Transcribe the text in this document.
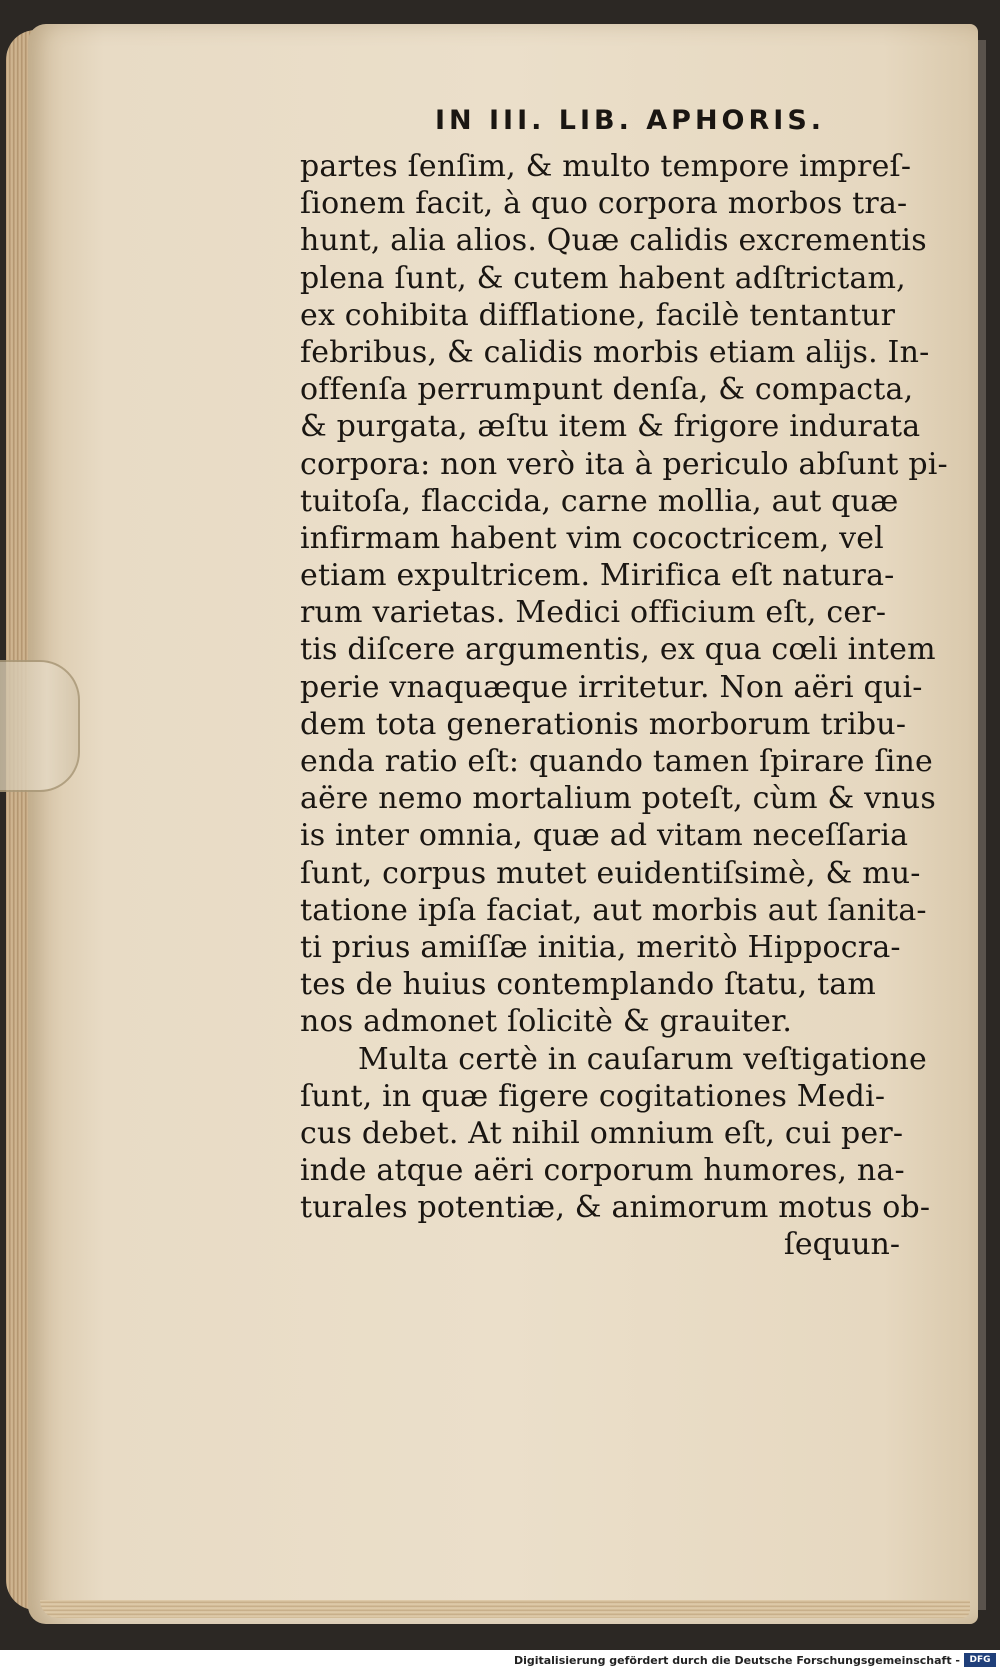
IN III. LIB. APHORIS.
partes ſenſim, & multo tempore impreſ-
ſionem facit, à quo corpora morbos tra-
hunt, alia alios. Quæ calidis excrementis
plena ſunt, & cutem habent adſtrictam,
ex cohibita difflatione, facilè tentantur
febribus, & calidis morbis etiam alijs. In-
offenſa perrumpunt denſa, & compacta,
& purgata, æſtu item & frigore indurata
corpora: non verò ita à periculo abſunt pi-
tuitoſa, flaccida, carne mollia, aut quæ
infirmam habent vim cococtricem, vel
etiam expultricem. Mirifica eſt natura-
rum varietas. Medici officium eſt, cer-
tis diſcere argumentis, ex qua cœli intem
perie vnaquæque irritetur. Non aëri qui-
dem tota generationis morborum tribu-
enda ratio eſt: quando tamen ſpirare ſine
aëre nemo mortalium poteſt, cùm & vnus
is inter omnia, quæ ad vitam neceſſaria
ſunt, corpus mutet euidentiſsimè, & mu-
tatione ipſa faciat, aut morbis aut ſanita-
ti prius amiſſæ initia, meritò Hippocra-
tes de huius contemplando ſtatu, tam
nos admonet ſolicitè & grauiter.
Multa certè in cauſarum veſtigatione
ſunt, in quæ figere cogitationes Medi-
cus debet. At nihil omnium eſt, cui per-
inde atque aëri corporum humores, na-
turales potentiæ, & animorum motus ob-
ſequun-
Digitalisierung gefördert durch die Deutsche Forschungsgemeinschaft -	DFG
